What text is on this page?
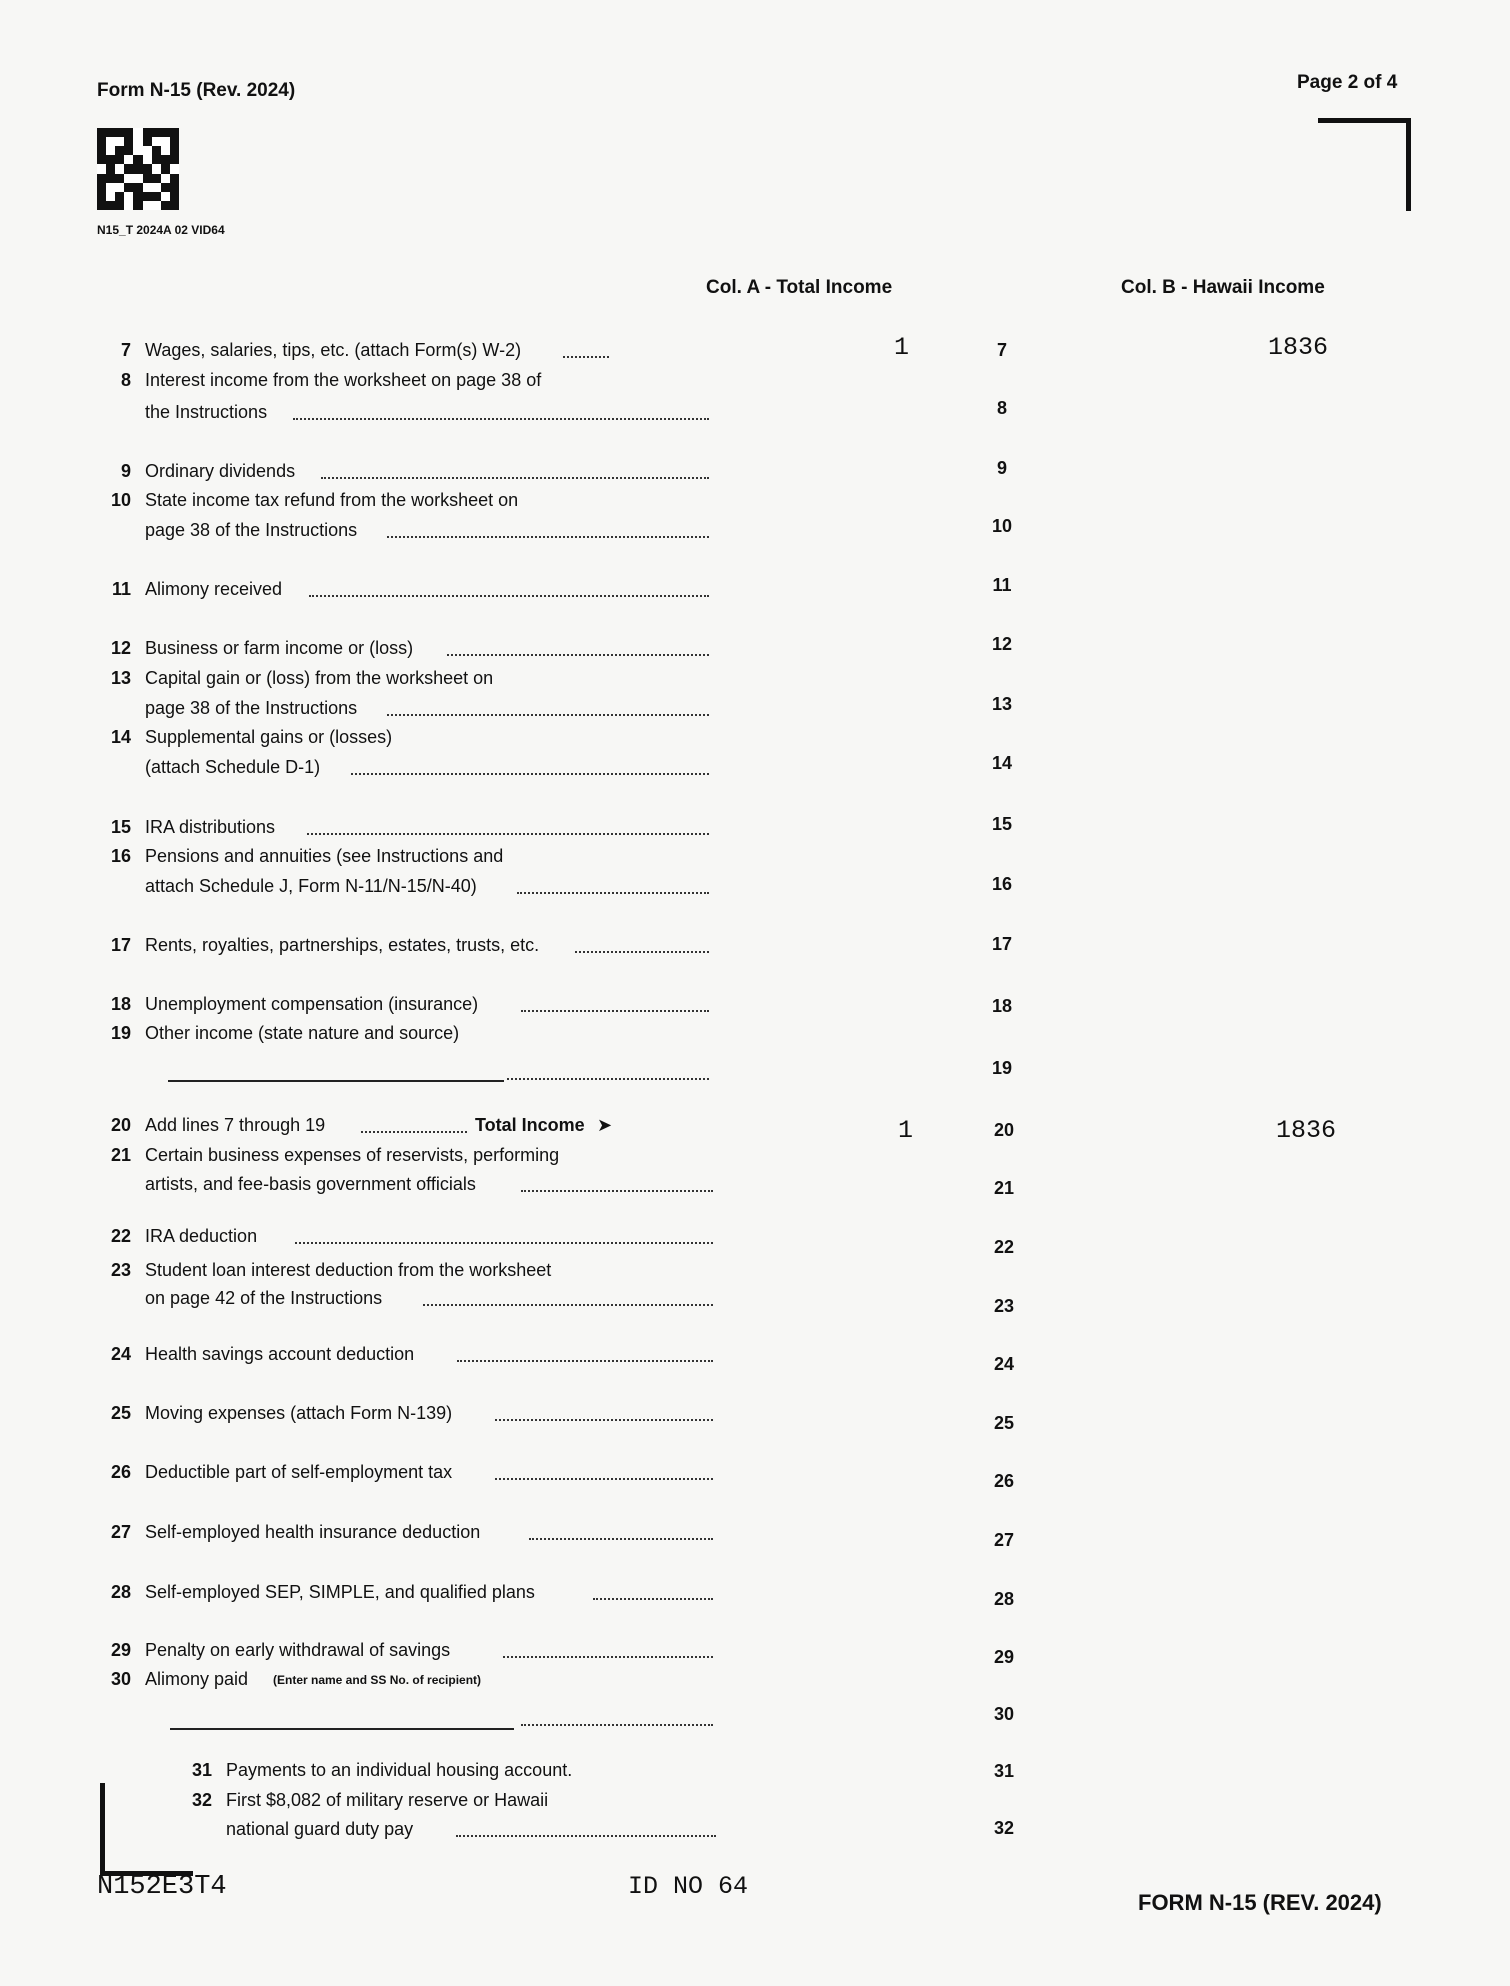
Form N-15 (Rev. 2024)	Page 2 of 4
N15_T 2024A 02 VID64
Col. A - Total Income	Col. B - Hawaii Income
7 Wages, salaries, tips, etc. (attach Form(s) W-2)	1	7	1836
8 Interest income from the worksheet on page 38 of
the Instructions	8
9 Ordinary dividends	9
10 State income tax refund from the worksheet on
page 38 of the Instructions	10
11 Alimony received	11
12 Business or farm income or (loss)	12
13 Capital gain or (loss) from the worksheet on
page 38 of the Instructions	13
14 Supplemental gains or (losses)
(attach Schedule D-1)	14
15 IRA distributions	15
16 Pensions and annuities (see Instructions and
attach Schedule J, Form N-11/N-15/N-40)	16
17 Rents, royalties, partnerships, estates, trusts, etc.	17
18 Unemployment compensation (insurance)	18
19 Other income (state nature and source)
19
20 Add lines 7 through 19	Total Income ➤	1	20	1836
21 Certain business expenses of reservists, performing
artists, and fee-basis government officials	21
22 IRA deduction
22
23 Student loan interest deduction from the worksheet
on page 42 of the Instructions	23
24 Health savings account deduction	24
25 Moving expenses (attach Form N-139)	25
26 Deductible part of self-employment tax	26
27 Self-employed health insurance deduction	27
28 Self-employed SEP, SIMPLE, and qualified plans	28
29 Penalty on early withdrawal of savings	29
30 Alimony paid (Enter name and SS No. of recipient)
30
31 Payments to an individual housing account.	31
32 First $8,082 of military reserve or Hawaii
national guard duty pay	32
N152E3T4	ID NO 64
FORM N-15 (REV. 2024)
